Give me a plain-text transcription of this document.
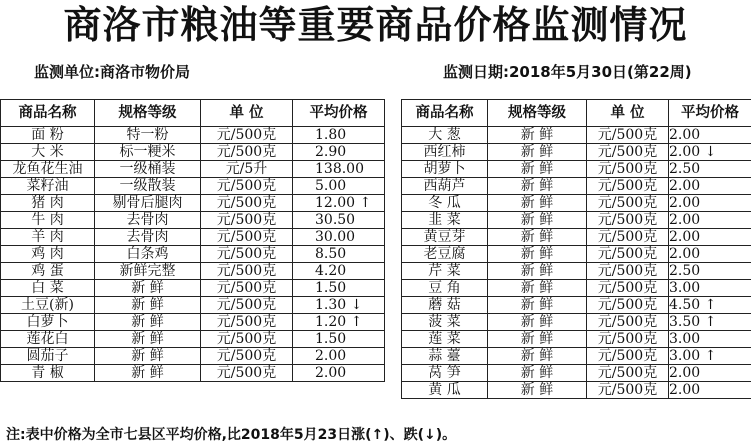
商洛市粮油等重要商品价格监测情况
监测单位:商洛市物价局	监测日期:2018年5月30日(第22周)
商品名称	规格等级	单 位	平均价格
面 粉	特一粉	元/500克	1.80
大 米	标一粳米	元/500克	2.90
龙鱼花生油	一级桶装	元/5升	138.00
菜籽油	一级散装	元/500克	5.00
猪 肉	剔骨后腿肉	元/500克	12.00 ↑
牛 肉	去骨肉	元/500克	30.50
羊 肉	去骨肉	元/500克	30.00
鸡 肉	白条鸡	元/500克	8.50
鸡 蛋	新鲜完整	元/500克	4.20
白 菜	新 鲜	元/500克	1.50
土豆(新)	新 鲜	元/500克	1.30 ↓
白萝卜	新 鲜	元/500克	1.20 ↑
莲花白	新 鲜	元/500克	1.50
圆茄子	新 鲜	元/500克	2.00
青 椒	新 鲜	元/500克	2.00
商品名称	规格等级	单 位	平均价格
大 葱	新 鲜	元/500克	2.00
西红柿	新 鲜	元/500克	2.00 ↓
胡萝卜	新 鲜	元/500克	2.50
西葫芦	新 鲜	元/500克	2.00
冬 瓜	新 鲜	元/500克	2.00
韭 菜	新 鲜	元/500克	2.00
黄豆芽	新 鲜	元/500克	2.00
老豆腐	新 鲜	元/500克	2.00
芹 菜	新 鲜	元/500克	2.50
豆 角	新 鲜	元/500克	3.00
蘑 菇	新 鲜	元/500克	4.50 ↑
菠 菜	新 鲜	元/500克	3.50 ↑
莲 菜	新 鲜	元/500克	3.00
蒜 薹	新 鲜	元/500克	3.00 ↑
莴 笋	新 鲜	元/500克	2.00
黄 瓜	新 鲜	元/500克	2.00
注:表中价格为全市七县区平均价格,比2018年5月23日涨(↑)、跌(↓)。
